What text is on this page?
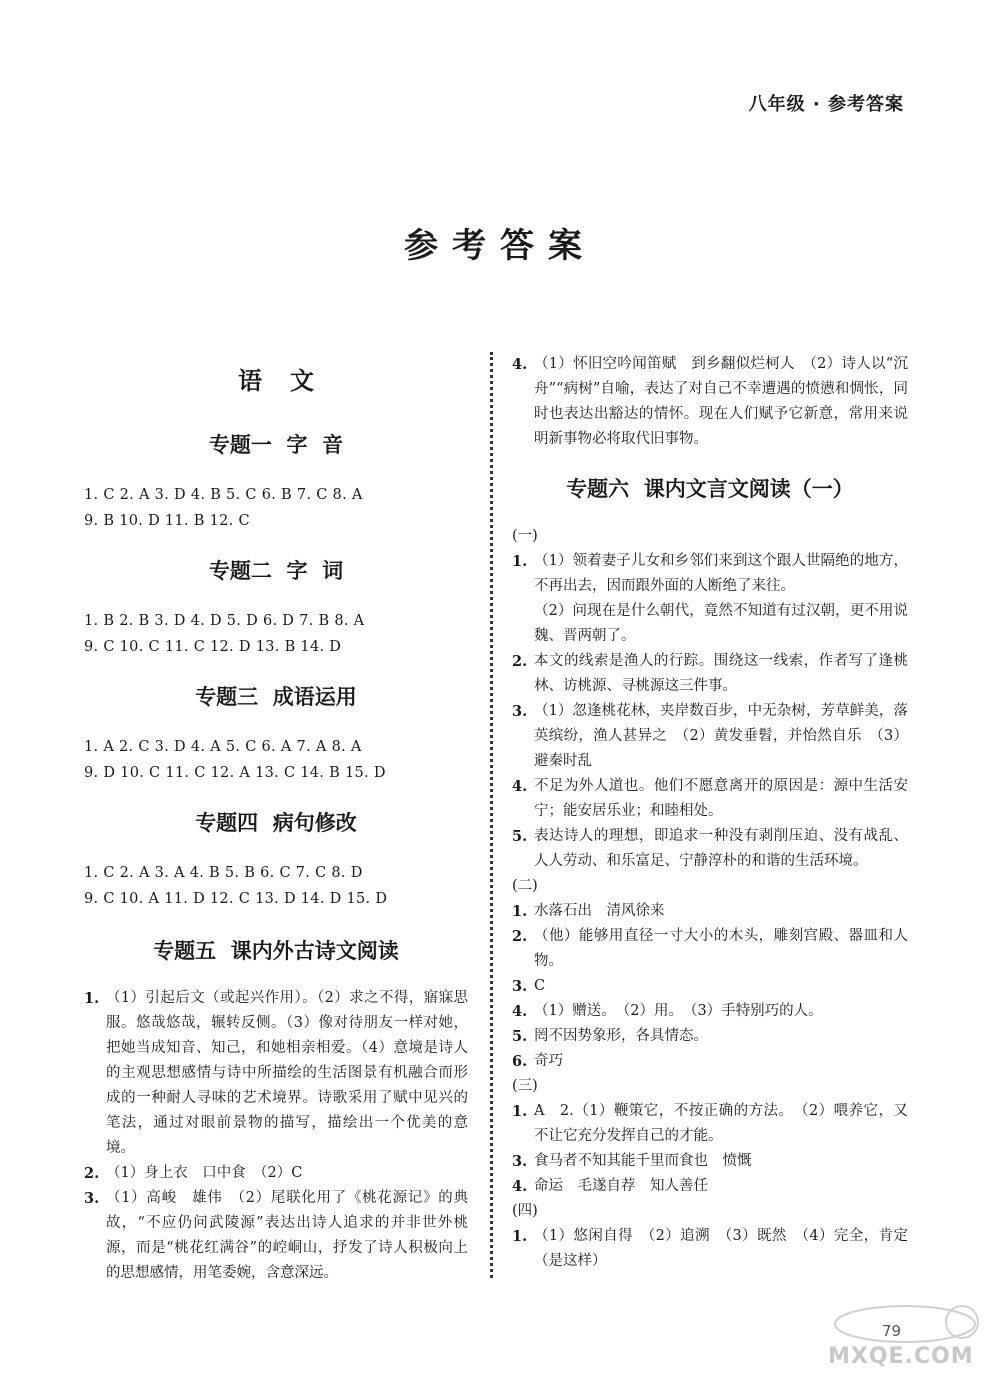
八年级 · 参考答案
参考答案
语文
专题一  字  音
1. C 2. A 3. D 4. B 5. C 6. B 7. C 8. A
9. B 10. D 11. B 12. C
专题二  字  词
1. B 2. B 3. D 4. D 5. D 6. D 7. B 8. A
9. C 10. C 11. C 12. D 13. B 14. D
专题三  成语运用
1. A 2. C 3. D 4. A 5. C 6. A 7. A 8. A
9. D 10. C 11. C 12. A 13. C 14. B 15. D
专题四  病句修改
1. C 2. A 3. A 4. B 5. B 6. C 7. C 8. D
9. C 10. A 11. D 12. C 13. D 14. D 15. D
专题五  课内外古诗文阅读
1. （1）引起后文（或起兴作用）。（2）求之不得，寤寐思服。悠哉悠哉，辗转反侧。（3）像对待朋友一样对她，把她当成知音、知己，和她相亲相爱。（4）意境是诗人的主观思想感情与诗中所描绘的生活图景有机融合而形成的一种耐人寻味的艺术境界。诗歌采用了赋中见兴的笔法，通过对眼前景物的描写，描绘出一个优美的意境。
2. （1）身上衣　口中食　（2）C
3. （1）高峻　雄伟　（2）尾联化用了《桃花源记》的典故，“不应仍问武陵源”表达出诗人追求的并非世外桃源，而是“桃花红满谷”的崆峒山，抒发了诗人积极向上的思想感情，用笔委婉，含意深远。
4. （1）怀旧空吟闻笛赋　到乡翻似烂柯人　（2）诗人以“沉舟”“病树”自喻，表达了对自己不幸遭遇的愤懑和惆怅，同时也表达出豁达的情怀。现在人们赋予它新意，常用来说明新事物必将取代旧事物。
专题六  课内文言文阅读（一）
(一)
1. （1）领着妻子儿女和乡邻们来到这个跟人世隔绝的地方，不再出去，因而跟外面的人断绝了来往。
（2）问现在是什么朝代，竟然不知道有过汉朝，更不用说魏、晋两朝了。
2. 本文的线索是渔人的行踪。围绕这一线索，作者写了逢桃林、访桃源、寻桃源这三件事。
3. （1）忽逢桃花林，夹岸数百步，中无杂树，芳草鲜美，落英缤纷，渔人甚异之　（2）黄发垂髫，并怡然自乐　（3）避秦时乱
4. 不足为外人道也。他们不愿意离开的原因是：源中生活安宁；能安居乐业；和睦相处。
5. 表达诗人的理想，即追求一种没有剥削压迫、没有战乱、人人劳动、和乐富足、宁静淳朴的和谐的生活环境。
(二)
1. 水落石出　清风徐来
2. （他）能够用直径一寸大小的木头，雕刻宫殿、器皿和人物。
3. C
4. （1）赠送。　（2）用。　（3）手特别巧的人。
5. 罔不因势象形，各具情态。
6. 奇巧
(三)
1. A　2.（1）鞭策它，不按正确的方法。　（2）喂养它，又不让它充分发挥自己的才能。
3. 食马者不知其能千里而食也　愤慨
4. 命运　毛遂自荐　知人善任
(四)
1. （1）悠闲自得　（2）追溯　（3）既然　（4）完全，肯定（是这样）
79
MXQE.COM
